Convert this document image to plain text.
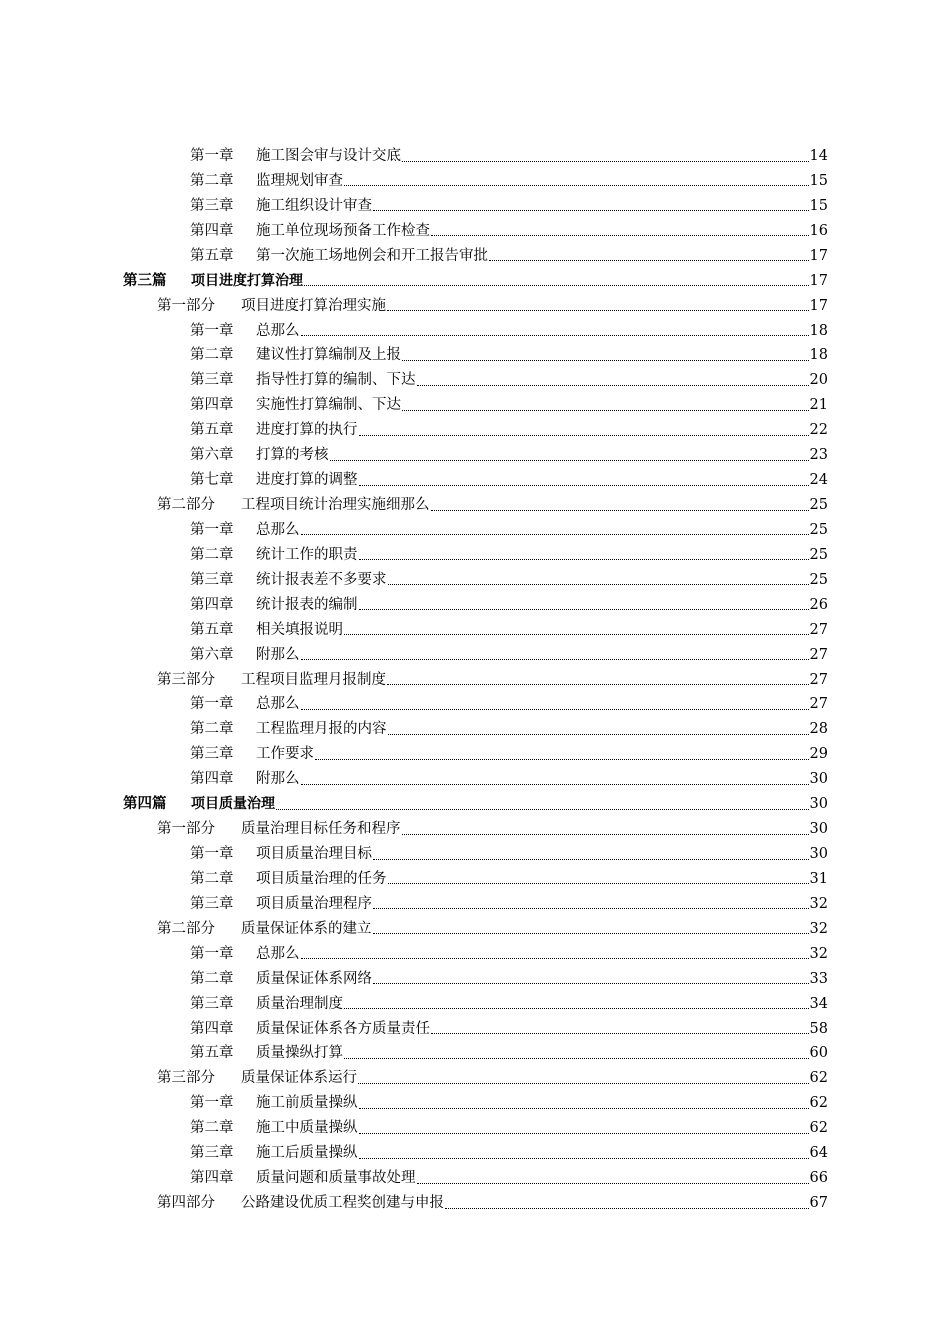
第一章	施工图会审与设计交底	14
第二章	监理规划审查	15
第三章	施工组织设计审查	15
第四章	施工单位现场预备工作检查	16
第五章	第一次施工场地例会和开工报告审批	17
第三篇	项目进度打算治理	17
第一部分	项目进度打算治理实施	17
第一章	总那么	18
第二章	建议性打算编制及上报	18
第三章	指导性打算的编制、下达	20
第四章	实施性打算编制、下达	21
第五章	进度打算的执行	22
第六章	打算的考核	23
第七章	进度打算的调整	24
第二部分	工程项目统计治理实施细那么	25
第一章	总那么	25
第二章	统计工作的职责	25
第三章	统计报表差不多要求	25
第四章	统计报表的编制	26
第五章	相关填报说明	27
第六章	附那么	27
第三部分	工程项目监理月报制度	27
第一章	总那么	27
第二章	工程监理月报的内容	28
第三章	工作要求	29
第四章	附那么	30
第四篇	项目质量治理	30
第一部分	质量治理目标任务和程序	30
第一章	项目质量治理目标	30
第二章	项目质量治理的任务	31
第三章	项目质量治理程序	32
第二部分	质量保证体系的建立	32
第一章	总那么	32
第二章	质量保证体系网络	33
第三章	质量治理制度	34
第四章	质量保证体系各方质量责任	58
第五章	质量操纵打算	60
第三部分	质量保证体系运行	62
第一章	施工前质量操纵	62
第二章	施工中质量操纵	62
第三章	施工后质量操纵	64
第四章	质量问题和质量事故处理	66
第四部分	公路建设优质工程奖创建与申报	67
